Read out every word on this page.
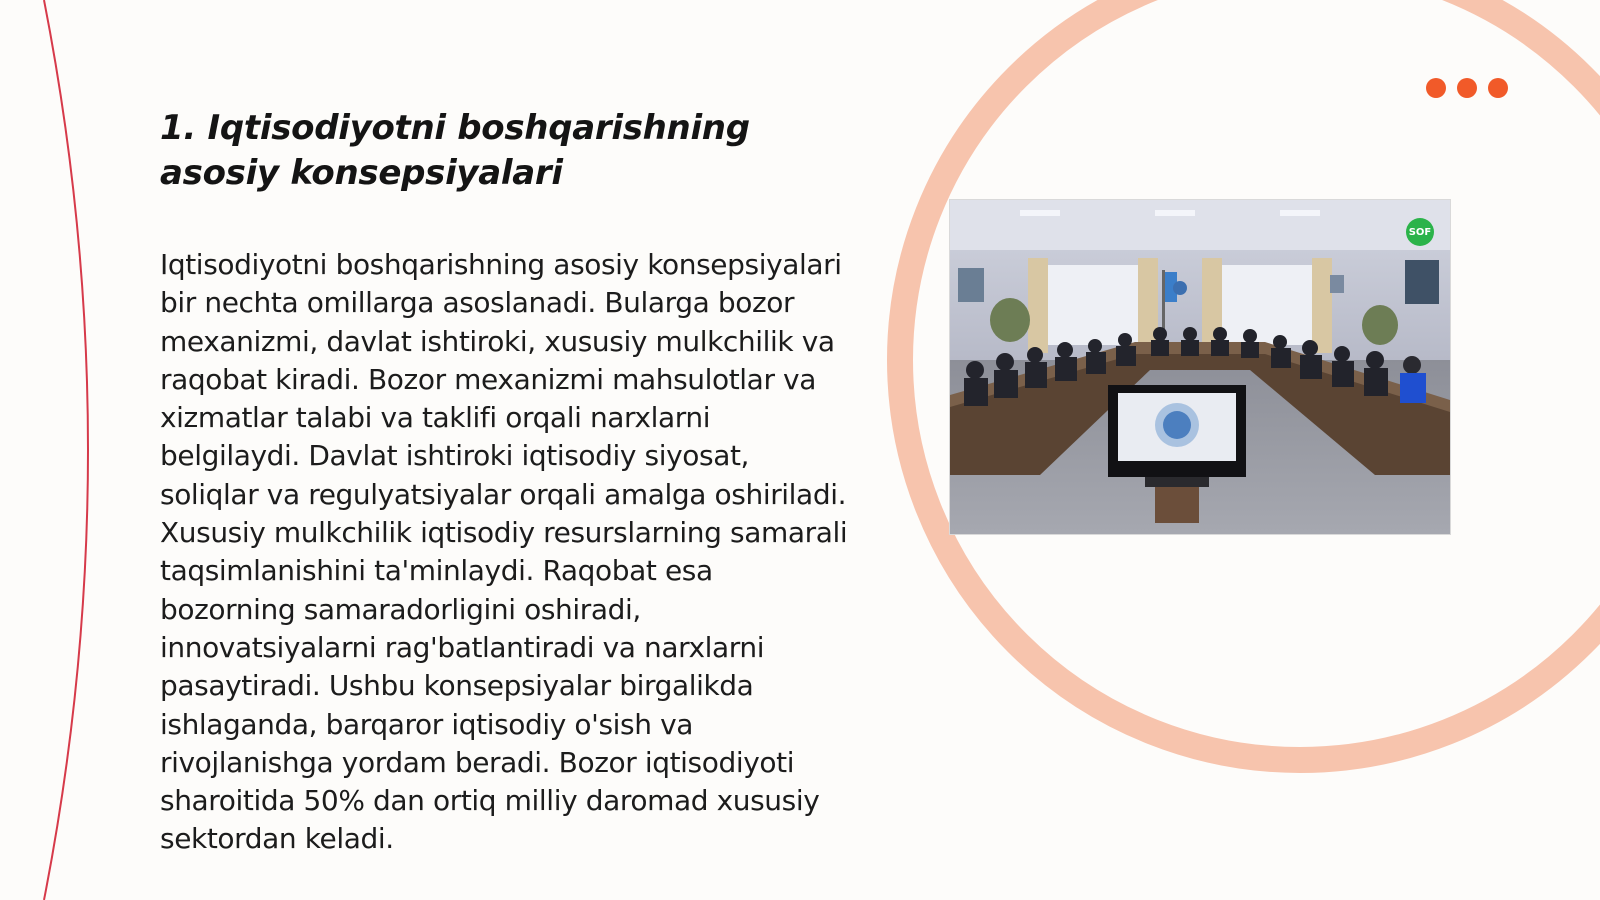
1. Iqtisodiyotni boshqarishning asosiy konsepsiyalari

Iqtisodiyotni boshqarishning asosiy konsepsiyalari bir nechta omillarga asoslanadi. Bularga bozor mexanizmi, davlat ishtiroki, xususiy mulkchilik va raqobat kiradi. Bozor mexanizmi mahsulotlar va xizmatlar talabi va taklifi orqali narxlarni belgilaydi. Davlat ishtiroki iqtisodiy siyosat, soliqlar va regulyatsiyalar orqali amalga oshiriladi. Xususiy mulkchilik iqtisodiy resurslarning samarali taqsimlanishini ta'minlaydi. Raqobat esa bozorning samaradorligini oshiradi, innovatsiyalarni rag'batlantiradi va narxlarni pasaytiradi. Ushbu konsepsiyalar birgalikda ishlaganda, barqaror iqtisodiy o'sish va rivojlanishga yordam beradi. Bozor iqtisodiyoti sharoitida 50% dan ortiq milliy daromad xususiy sektordan keladi.

SOF
